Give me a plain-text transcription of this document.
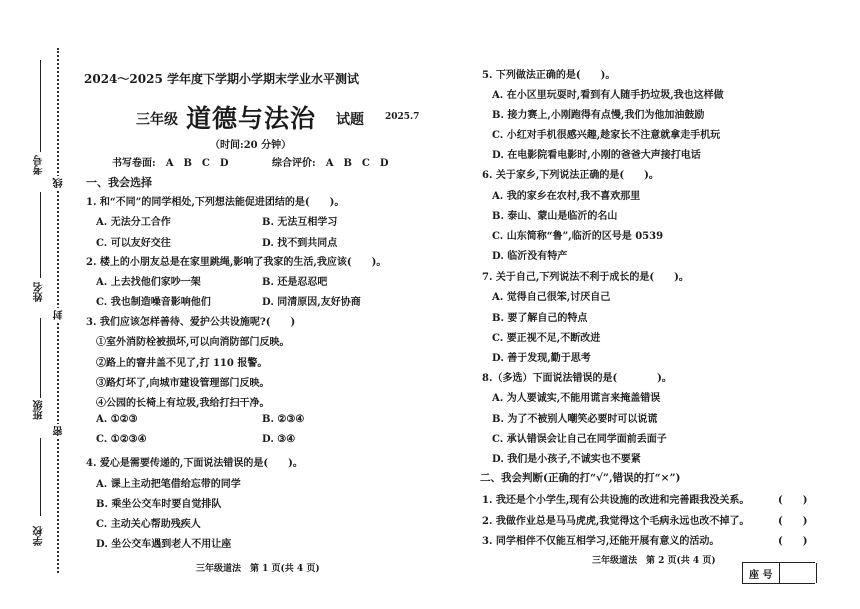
考号
姓名
班级
学校
线
封
密
2024～2025 学年度下学期小学期末学业水平测试
三年级 道德与法治 试题 2025.7
（时间:20 分钟）
书写卷面:　A　B　C　D	综合评价:　A　B　C　D
一、我会选择
1. 和“不同”的同学相处,下列想法能促进团结的是(　　)。
A. 无法分工合作	B. 无法互相学习
C. 可以友好交往	D. 找不到共同点
2. 楼上的小朋友总是在家里跳绳,影响了我家的生活,我应该(　　)。
A. 上去找他们家吵一架	B. 还是忍忍吧
C. 我也制造噪音影响他们	D. 同清原因,友好协商
3. 我们应该怎样善待、爱护公共设施呢?(　　)
①室外消防栓被损坏,可以向消防部门反映。
②路上的窨井盖不见了,打 110 报警。
③路灯坏了,向城市建设管理部门反映。
④公园的长椅上有垃圾,我给打扫干净。
A. ①②③	B. ②③④
C. ①②③④	D. ③④
4. 爱心是需要传递的,下面说法错误的是(　　)。
A. 课上主动把笔借给忘带的同学
B. 乘坐公交车时要自觉排队
C. 主动关心帮助残疾人
D. 坐公交车遇到老人不用让座
三年级道法　第 1 页(共 4 页)
5. 下列做法正确的是(　　)。
A. 在小区里玩耍时,看到有人随手扔垃圾,我也这样做
B. 接力赛上,小刚跑得有点慢,我们为他加油鼓励
C. 小红对手机很感兴趣,趁家长不注意就拿走手机玩
D. 在电影院看电影时,小刚的爸爸大声接打电话
6. 关于家乡,下列说法正确的是(　　)。
A. 我的家乡在农村,我不喜欢那里
B. 泰山、蒙山是临沂的名山
C. 山东简称“鲁”,临沂的区号是 0539
D. 临沂没有特产
7. 关于自己,下列说法不利于成长的是(　　)。
A. 觉得自己很笨,讨厌自己
B. 要了解自己的特点
C. 要正视不足,不断改进
D. 善于发现,勤于思考
8.（多选）下面说法错误的是(　　　　)。
A. 为人要诚实,不能用谎言来掩盖错误
B. 为了不被别人嘲笑必要时可以说谎
C. 承认错误会让自己在同学面前丢面子
D. 我们是小孩子,不诚实也不要紧
二、我会判断(正确的打“√”,错误的打“×”)
1. 我还是个小学生,现有公共设施的改进和完善跟我没关系。	(　　)
2. 我做作业总是马马虎虎,我觉得这个毛病永远也改不掉了。	(　　)
3. 同学相伴不仅能互相学习,还能开展有意义的活动。	(　　)
三年级道法　第 2 页(共 4 页)
座 号
